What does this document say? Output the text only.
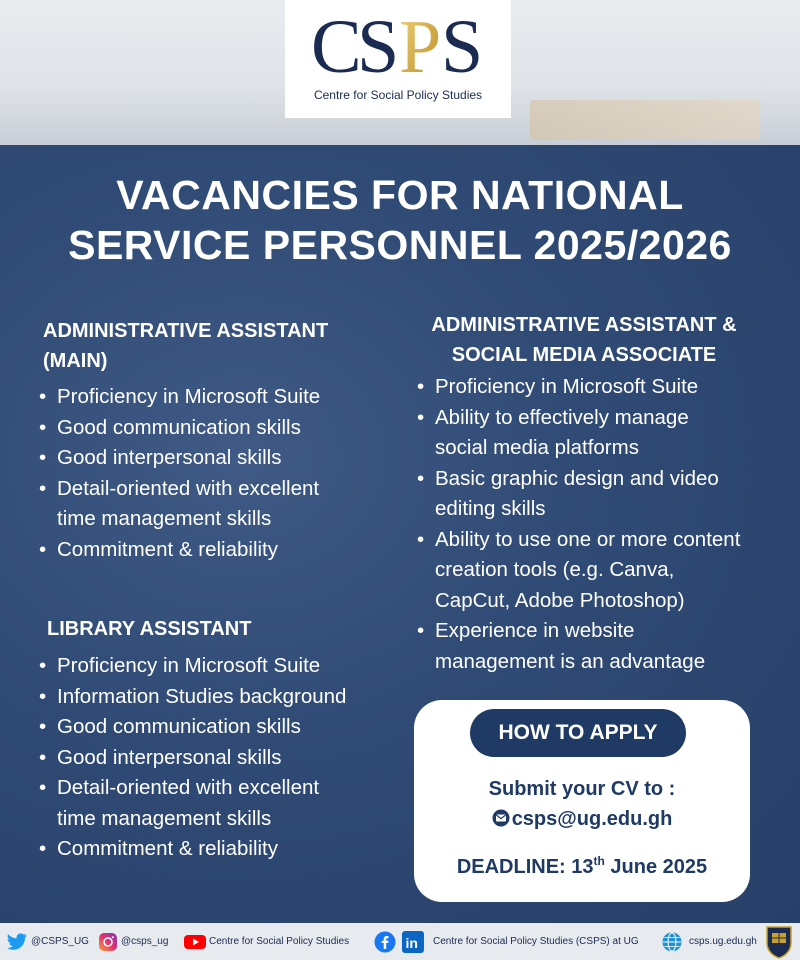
C
S P S
Centre for Social Policy Studies
VACANCIES FOR NATIONAL
SERVICE PERSONNEL 2025/2026
ADMINISTRATIVE ASSISTANT
(MAIN)
• Proficiency in Microsoft Suite
• Good communication skills
• Good interpersonal skills
• Detail-oriented with excellent
time management skills
• Commitment & reliability
LIBRARY ASSISTANT
• Proficiency in Microsoft Suite
• Information Studies background
• Good communication skills
• Good interpersonal skills
• Detail-oriented with excellent
time management skills
• Commitment & reliability
ADMINISTRATIVE ASSISTANT &
SOCIAL MEDIA ASSOCIATE
• Proficiency in Microsoft Suite
• Ability to effectively manage
social media platforms
• Basic graphic design and video
editing skills
• Ability to use one or more content
creation tools (e.g. Canva,
CapCut, Adobe Photoshop)
• Experience in website
management is an advantage
HOW TO APPLY
Submit your CV to :
csps@ug.edu.gh
DEADLINE: 13th June 2025
@CSPS_UG	@csps_ug	Centre for Social Policy Studies	in Centre for Social Policy Studies (CSPS) at UG	csps.ug.edu.gh
